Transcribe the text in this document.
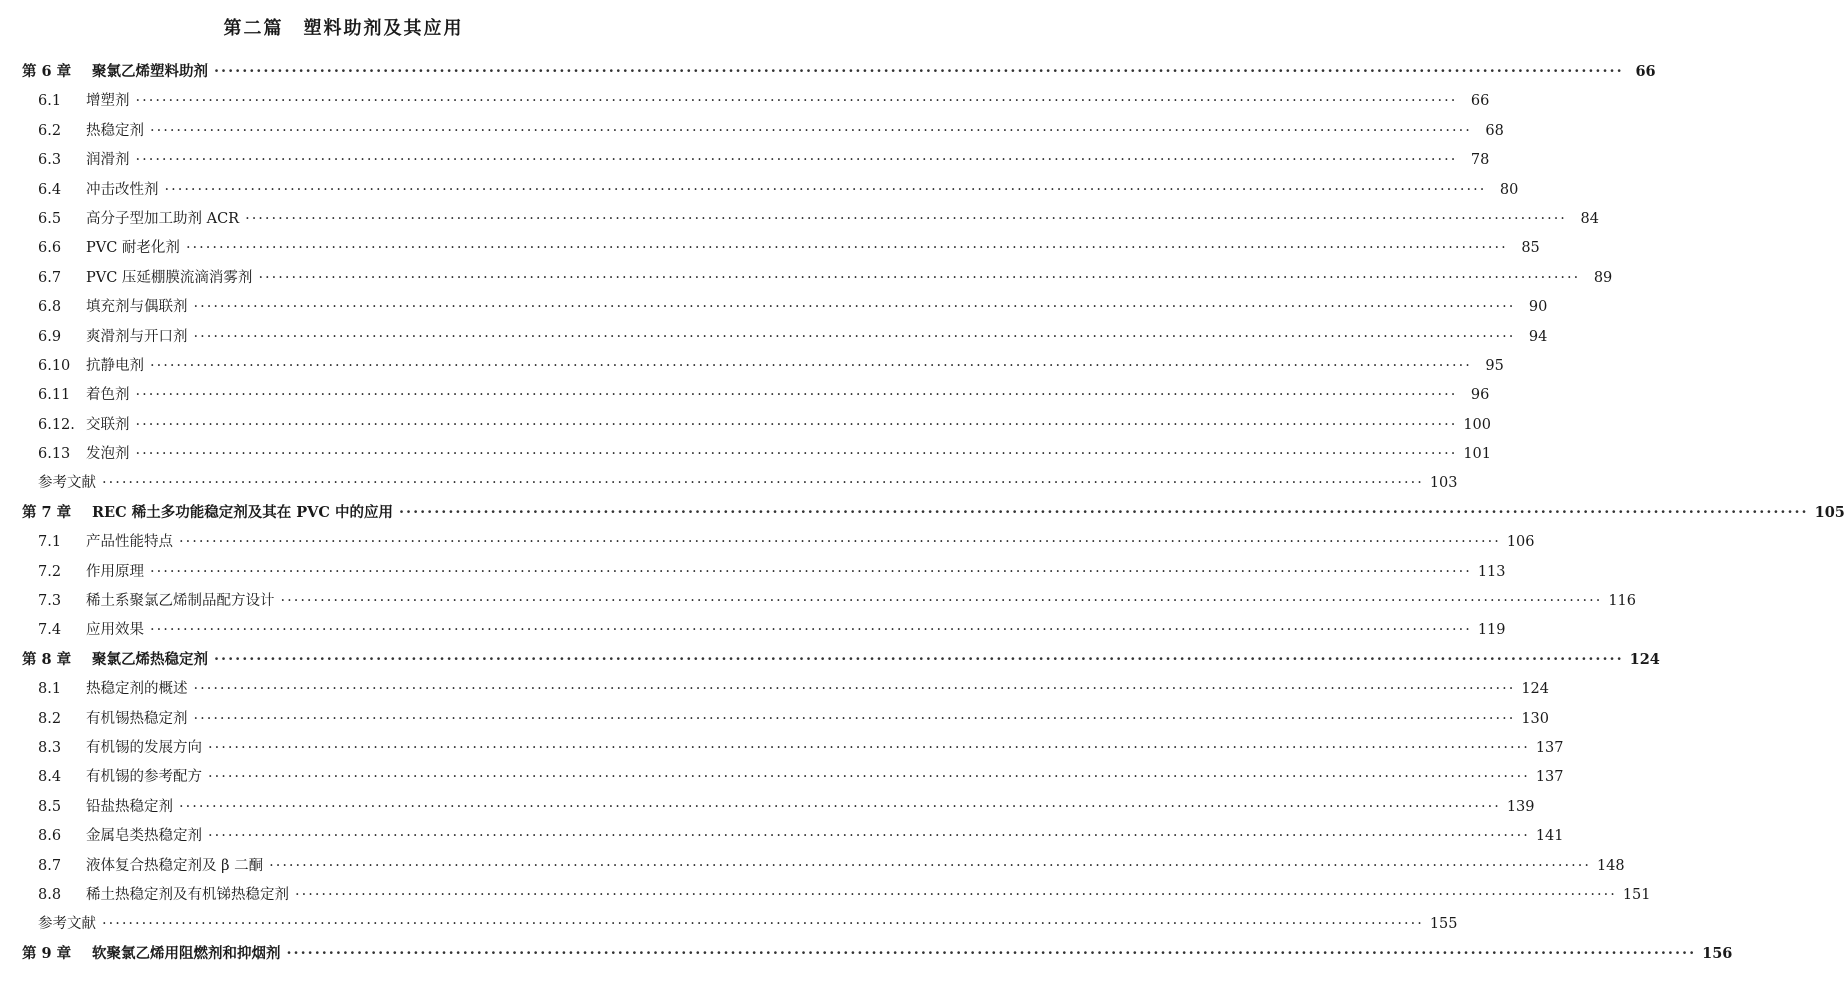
第二篇　塑料助剂及其应用
第 6 章	聚氯乙烯塑料助剂 ········································································································································································································ 66
6.1	增塑剂 ········································································································································································································ 66
6.2	热稳定剂 ········································································································································································································ 68
6.3	润滑剂 ········································································································································································································ 78
6.4	冲击改性剂 ········································································································································································································ 80
6.5	高分子型加工助剂 ACR ········································································································································································································ 84
6.6	PVC 耐老化剂 ········································································································································································································ 85
6.7	PVC 压延棚膜流滴消雾剂 ········································································································································································································ 89
6.8	填充剂与偶联剂 ········································································································································································································ 90
6.9	爽滑剂与开口剂 ········································································································································································································ 94
6.10	抗静电剂 ········································································································································································································ 95
6.11	着色剂 ········································································································································································································ 96
6.12. 交联剂 ········································································································································································································ 100
6.13	发泡剂 ········································································································································································································ 101
参考文献 ········································································································································································································ 103
第 7 章	REC 稀土多功能稳定剂及其在 PVC 中的应用 ········································································································································································································ 105
7.1	产品性能特点 ········································································································································································································ 106
7.2	作用原理 ········································································································································································································ 113
7.3	稀土系聚氯乙烯制品配方设计 ········································································································································································································ 116
7.4	应用效果 ········································································································································································································ 119
第 8 章	聚氯乙烯热稳定剂 ········································································································································································································ 124
8.1	热稳定剂的概述 ········································································································································································································ 124
8.2	有机锡热稳定剂 ········································································································································································································ 130
8.3	有机锡的发展方向 ········································································································································································································ 137
8.4	有机锡的参考配方 ········································································································································································································ 137
8.5	铅盐热稳定剂 ········································································································································································································ 139
8.6	金属皂类热稳定剂 ········································································································································································································ 141
8.7	液体复合热稳定剂及 β 二酮 ········································································································································································································ 148
8.8	稀土热稳定剂及有机锑热稳定剂 ········································································································································································································ 151
参考文献 ········································································································································································································ 155
第 9 章	软聚氯乙烯用阻燃剂和抑烟剂 ········································································································································································································ 156
